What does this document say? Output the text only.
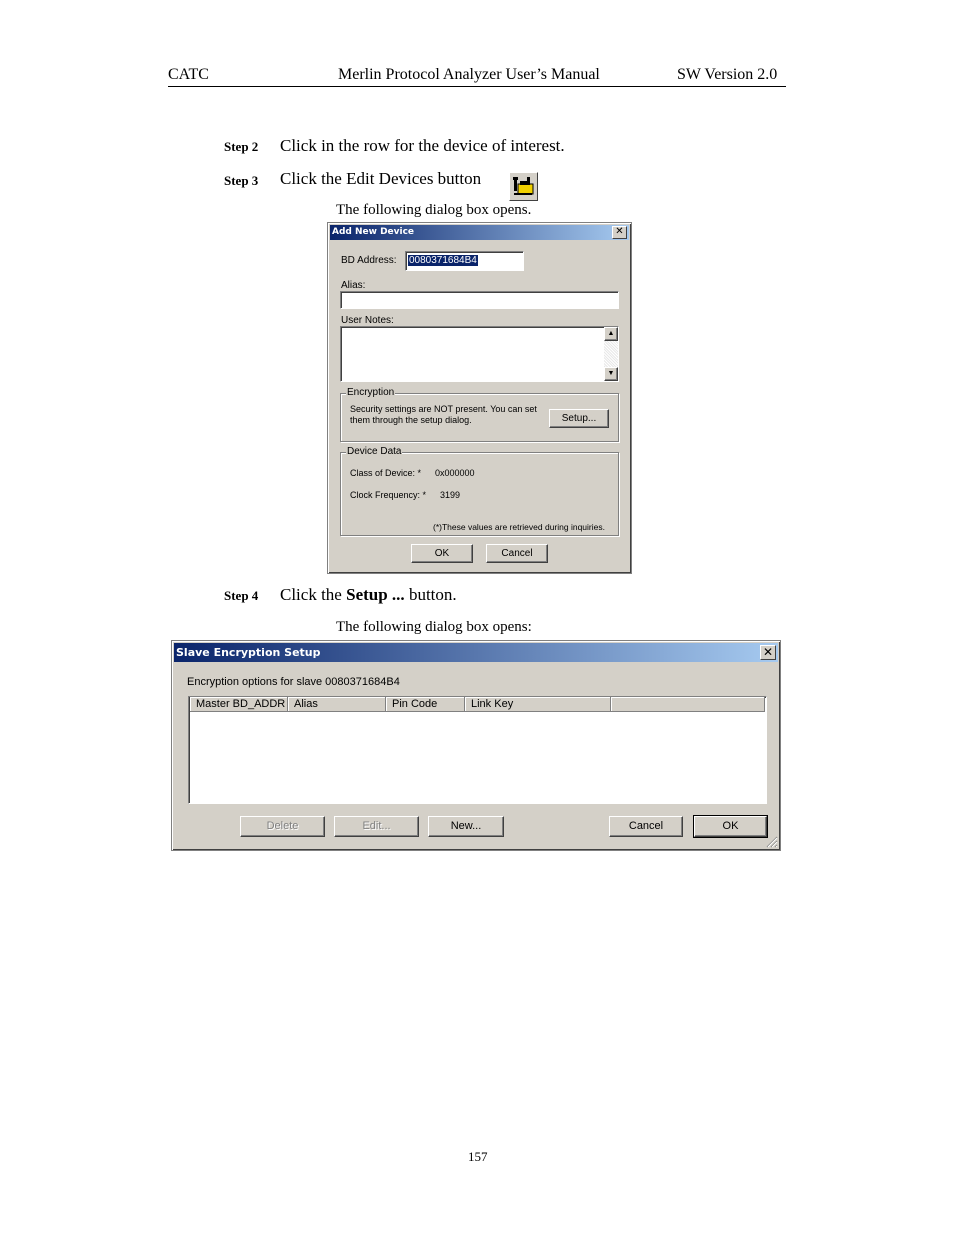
CATC	Merlin Protocol Analyzer User’s Manual	SW Version 2.0
Step 2 Click in the row for the device of interest.
Step 3 Click the Edit Devices button
The following dialog box opens.
Add New Device	✕
BD Address: 0080371684B4
Alias:
User Notes:
▲
▼
Encryption
Security settings are NOT present. You can set
them through the setup dialog.	Setup...
Device Data
Class of Device: * 0x000000
Clock Frequency: * 3199
(*)These values are retrieved during inquiries.
OK	Cancel
Step 4 Click the Setup ... button.
The following dialog box opens:
Slave Encryption Setup	✕
Encryption options for slave 0080371684B4
Master BD_ADDR Alias	Pin Code	Link Key
Delete	Edit...	New...	Cancel	OK
157
